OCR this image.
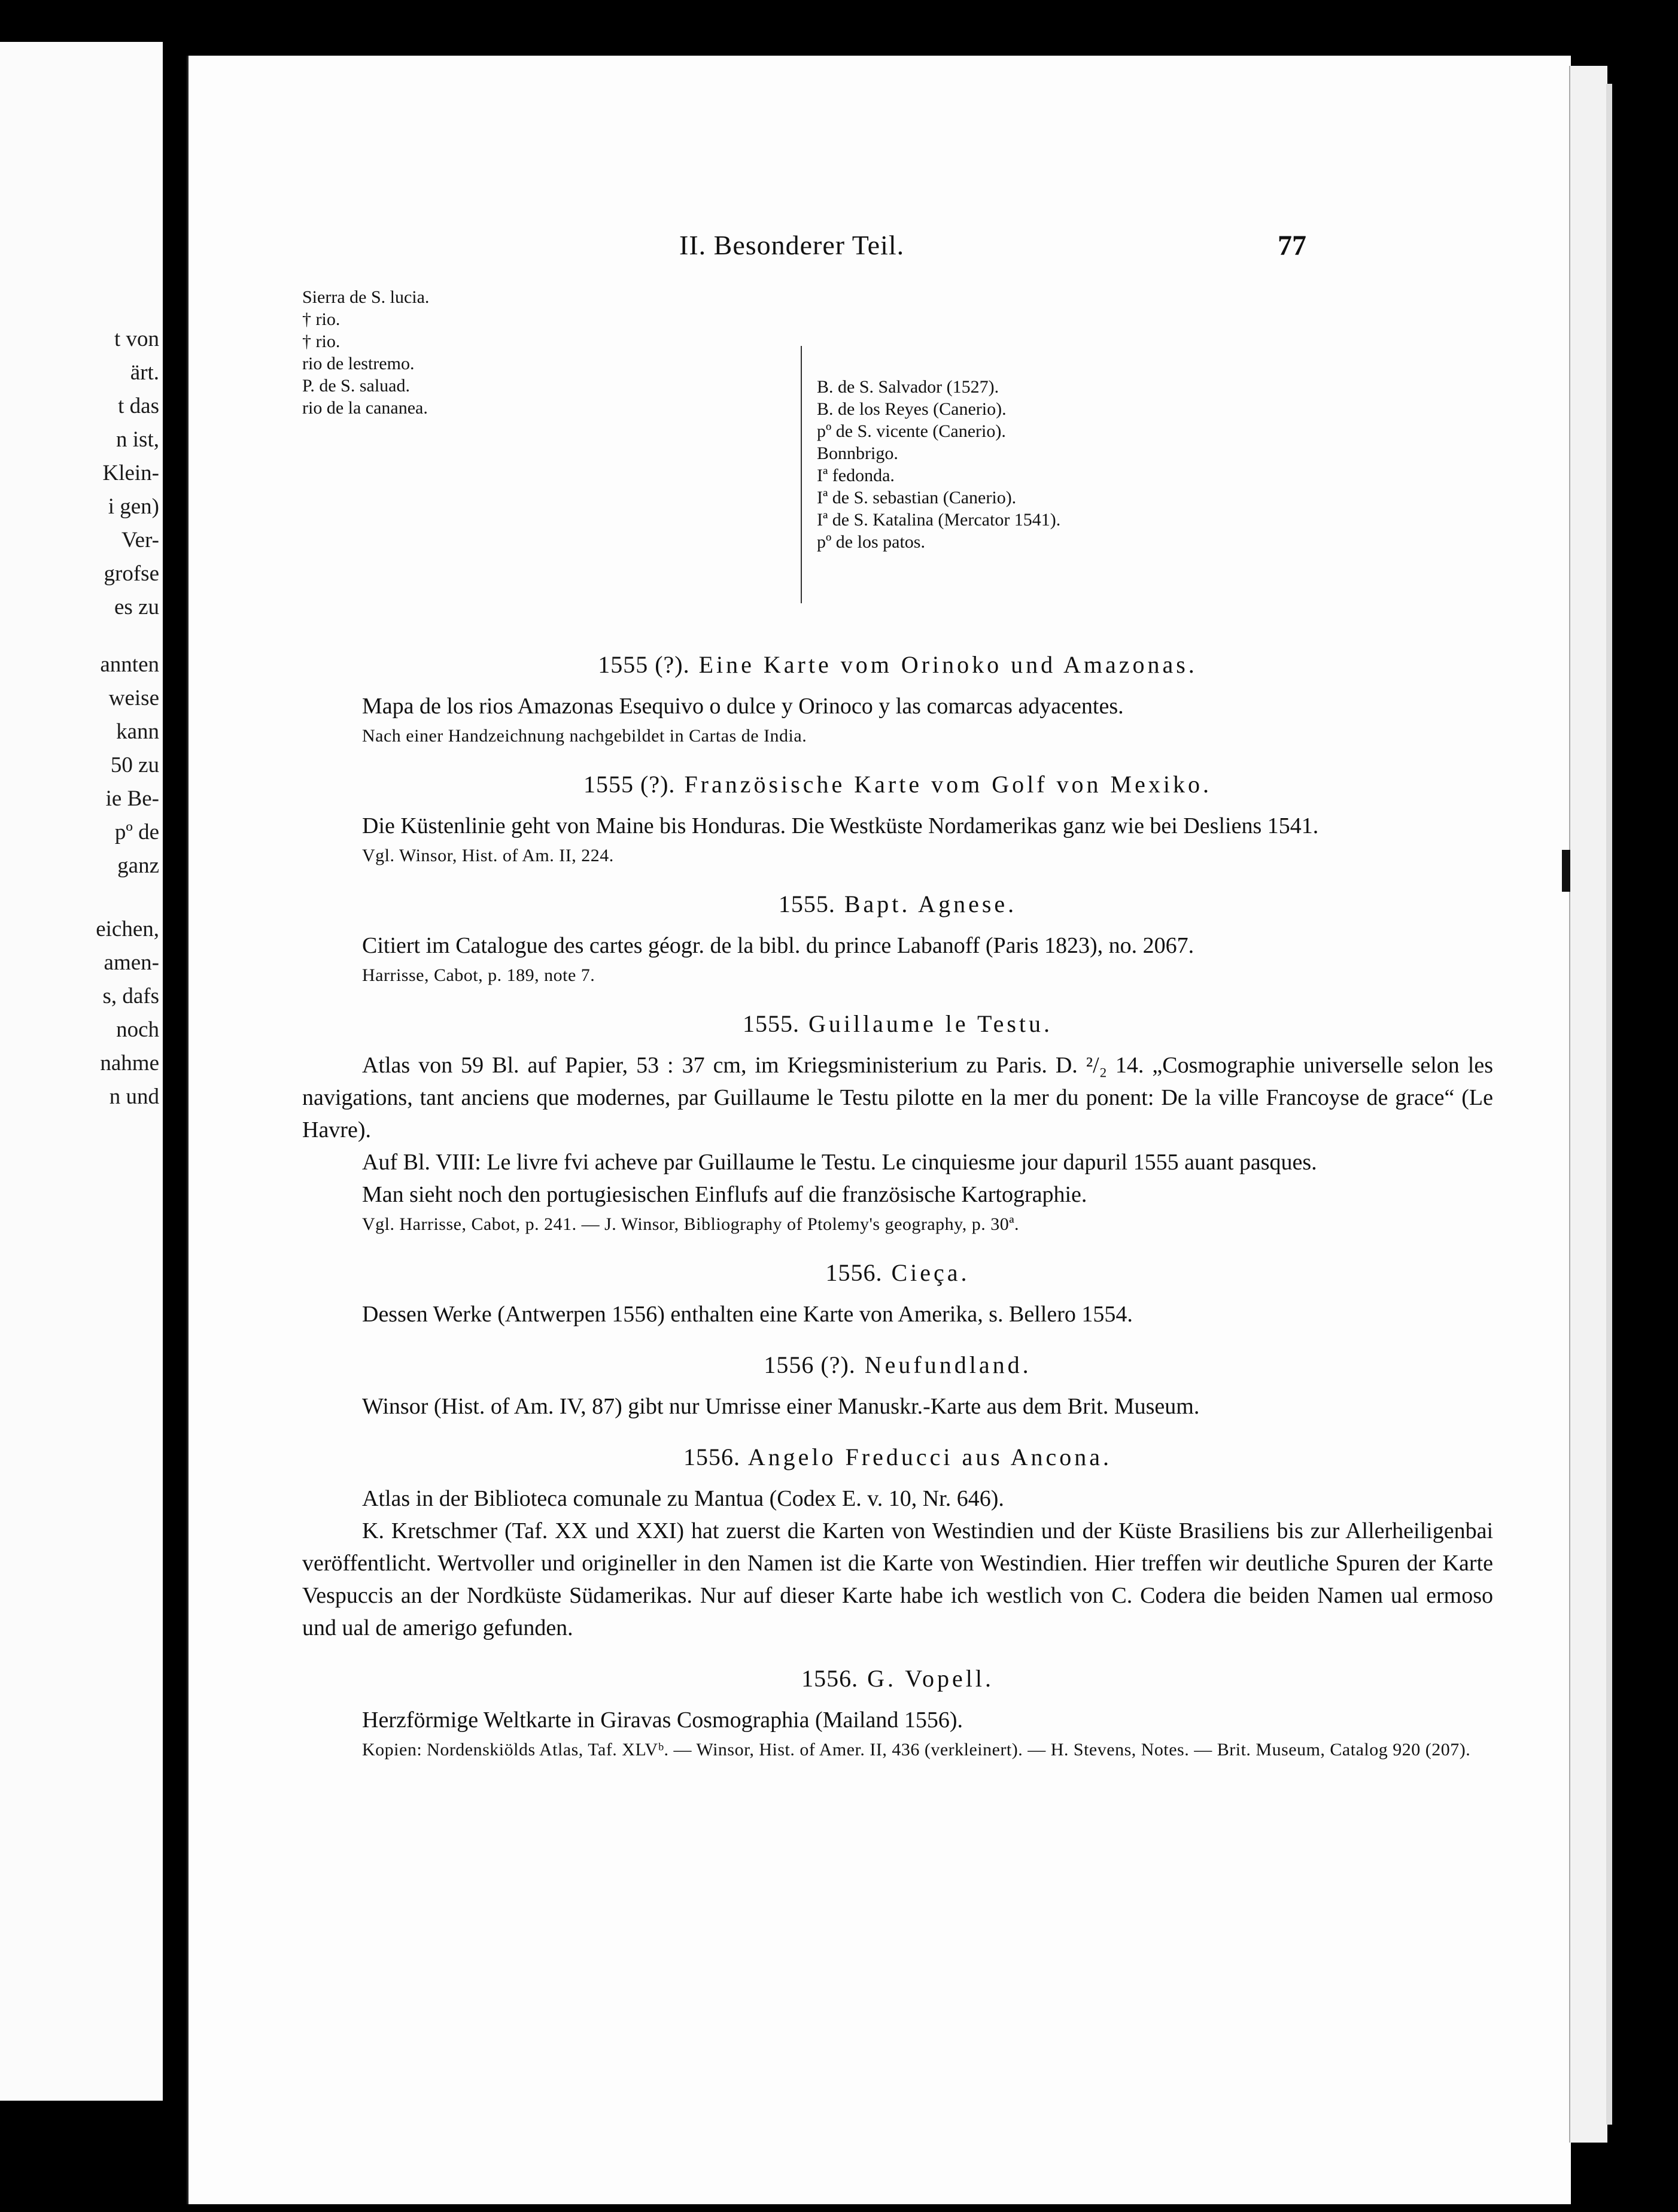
t von
ärt.
t das
n ist,
Klein-
i gen)
Ver-
grofse
es zu
annten
weise
kann
50 zu
ie Be-
pº de
ganz
eichen,
amen-
s, dafs
noch
nahme
n und
II. Besonderer Teil.	77
Sierra de S. lucia.
† rio.
† rio.
rio de lestremo.
P. de S. saluad.
rio de la cananea.
B. de S. Salvador (1527).
B. de los Reyes (Canerio).
pº de S. vicente (Canerio).
Bonnbrigo.
Iª fedonda.
Iª de S. sebastian (Canerio).
Iª de S. Katalina (Mercator 1541).
pº de los patos.
1555 (?). Eine Karte vom Orinoko und Amazonas.

Mapa de los rios Amazonas Esequivo o dulce y Orinoco y las comarcas adyacentes.

Nach einer Handzeichnung nachgebildet in Cartas de India.
1555 (?). Französische Karte vom Golf von Mexiko.

Die Küstenlinie geht von Maine bis Honduras. Die Westküste Nordamerikas ganz wie bei Desliens 1541.

Vgl. Winsor, Hist. of Am. II, 224.
1555. Bapt. Agnese.

Citiert im Catalogue des cartes géogr. de la bibl. du prince Labanoff (Paris 1823), no. 2067.

Harrisse, Cabot, p. 189, note 7.
1555. Guillaume le Testu.

Atlas von 59 Bl. auf Papier, 53 : 37 cm, im Kriegsministerium zu Paris. D. ²/₂ 14. „Cosmographie universelle selon les navigations, tant anciens que modernes, par Guillaume le Testu pilotte en la mer du ponent: De la ville Francoyse de grace“ (Le Havre).

Auf Bl. VIII: Le livre fvi acheve par Guillaume le Testu. Le cinquiesme jour dapuril 1555 auant pasques.

Man sieht noch den portugiesischen Einflufs auf die französische Kartographie.

Vgl. Harrisse, Cabot, p. 241. — J. Winsor, Bibliography of Ptolemy's geography, p. 30ª.
1556. Cieça.

Dessen Werke (Antwerpen 1556) enthalten eine Karte von Amerika, s. Bellero 1554.

1556 (?). Neufundland.

Winsor (Hist. of Am. IV, 87) gibt nur Umrisse einer Manuskr.-Karte aus dem Brit. Museum.

1556. Angelo Freducci aus Ancona.

Atlas in der Biblioteca comunale zu Mantua (Codex E. v. 10, Nr. 646).

K. Kretschmer (Taf. XX und XXI) hat zuerst die Karten von Westindien und der Küste Brasiliens bis zur Allerheiligenbai veröffentlicht. Wertvoller und origineller in den Namen ist die Karte von Westindien. Hier treffen wir deutliche Spuren der Karte Vespuccis an der Nordküste Südamerikas. Nur auf dieser Karte habe ich westlich von C. Codera die beiden Namen ual ermoso und ual de amerigo gefunden.

1556. G. Vopell.

Herzförmige Weltkarte in Giravas Cosmographia (Mailand 1556).

Kopien: Nordenskiölds Atlas, Taf. XLVᵇ. — Winsor, Hist. of Amer. II, 436 (verkleinert). — H. Stevens, Notes. — Brit. Museum, Catalog 920 (207).
